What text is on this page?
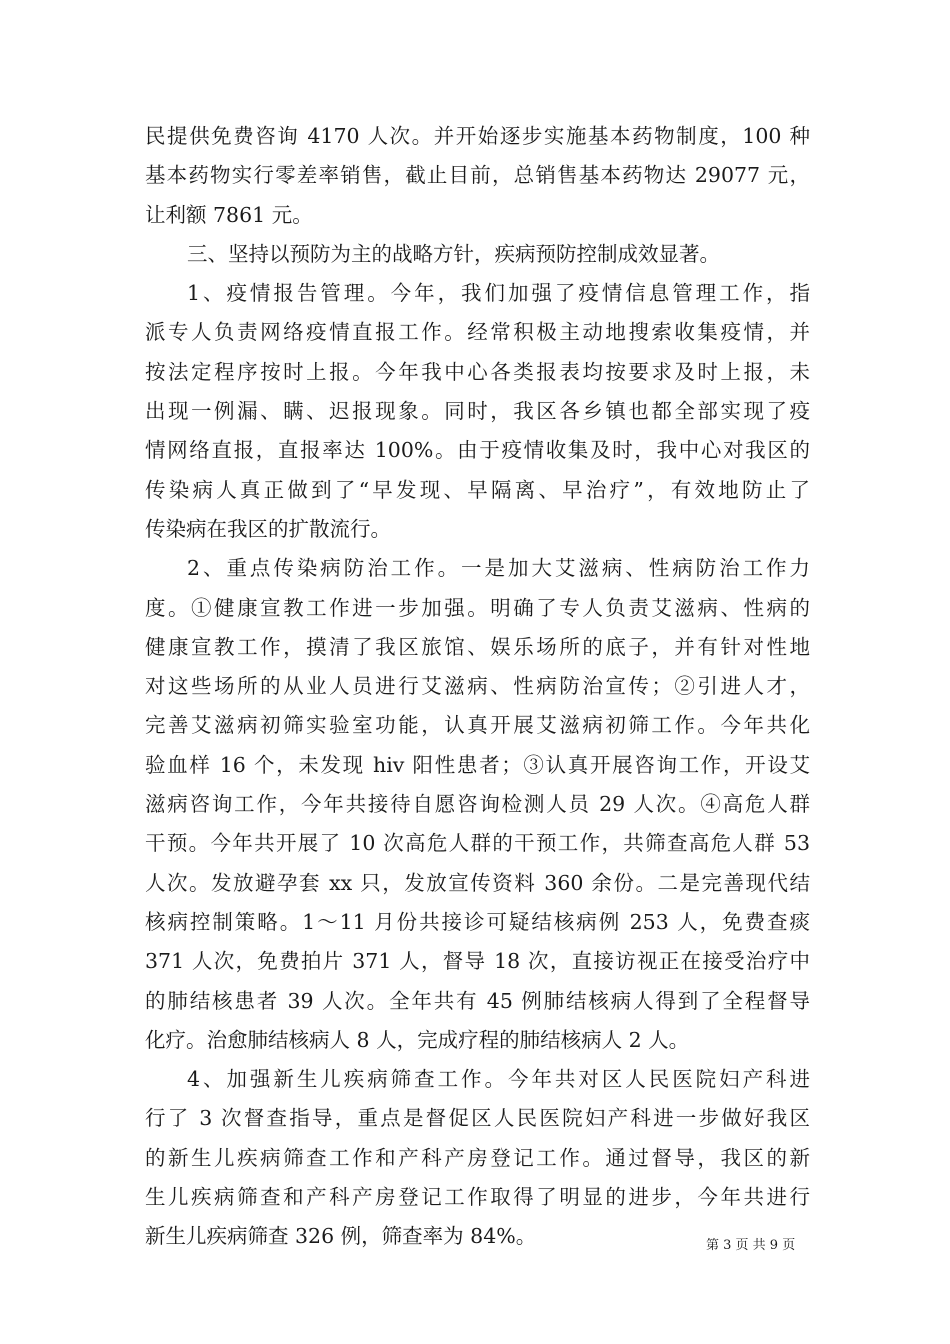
民提供免费咨询 4170 人次。并开始逐步实施基本药物制度，100 种
基本药物实行零差率销售，截止目前，总销售基本药物达 29077 元，
让利额 7861 元。
三、坚持以预防为主的战略方针，疾病预防控制成效显著。
1、疫情报告管理。今年，我们加强了疫情信息管理工作，指
派专人负责网络疫情直报工作。经常积极主动地搜索收集疫情，并
按法定程序按时上报。今年我中心各类报表均按要求及时上报，未
出现一例漏、瞒、迟报现象。同时，我区各乡镇也都全部实现了疫
情网络直报，直报率达 100%。由于疫情收集及时，我中心对我区的
传染病人真正做到了“早发现、早隔离、早治疗”，有效地防止了
传染病在我区的扩散流行。
2、重点传染病防治工作。一是加大艾滋病、性病防治工作力
度。①健康宣教工作进一步加强。明确了专人负责艾滋病、性病的
健康宣教工作，摸清了我区旅馆、娱乐场所的底子，并有针对性地
对这些场所的从业人员进行艾滋病、性病防治宣传；②引进人才，
完善艾滋病初筛实验室功能，认真开展艾滋病初筛工作。今年共化
验血样 16 个，未发现 hiv 阳性患者；③认真开展咨询工作，开设艾
滋病咨询工作，今年共接待自愿咨询检测人员 29 人次。④高危人群
干预。今年共开展了 10 次高危人群的干预工作，共筛查高危人群 53
人次。发放避孕套 xx 只，发放宣传资料 360 余份。二是完善现代结
核病控制策略。1～11 月份共接诊可疑结核病例 253 人，免费查痰
371 人次，免费拍片 371 人，督导 18 次，直接访视正在接受治疗中
的肺结核患者 39 人次。全年共有 45 例肺结核病人得到了全程督导
化疗。治愈肺结核病人 8 人，完成疗程的肺结核病人 2 人。
4、加强新生儿疾病筛查工作。今年共对区人民医院妇产科进
行了 3 次督查指导，重点是督促区人民医院妇产科进一步做好我区
的新生儿疾病筛查工作和产科产房登记工作。通过督导，我区的新
生儿疾病筛查和产科产房登记工作取得了明显的进步，今年共进行
新生儿疾病筛查 326 例，筛查率为 84%。	第 3 页 共 9 页
